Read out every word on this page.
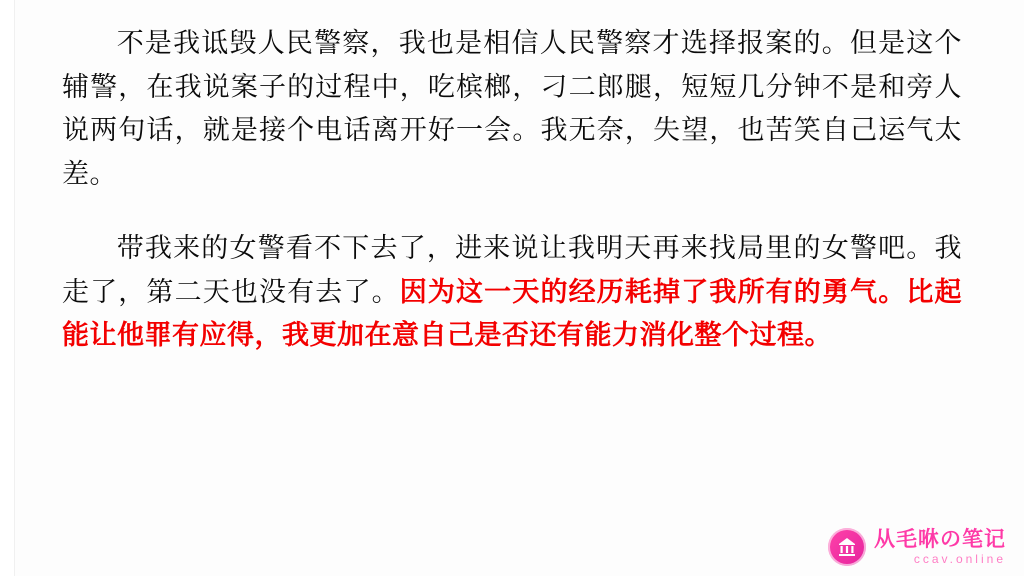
不是我诋毁人民警察，我也是相信人民警察才选择报案的。但是这个辅警，在我说案子的过程中，吃槟榔，刁二郎腿，短短几分钟不是和旁人说两句话，就是接个电话离开好一会。我无奈，失望，也苦笑自己运气太差。

带我来的女警看不下去了，进来说让我明天再来找局里的女警吧。我走了，第二天也没有去了。因为这一天的经历耗掉了我所有的勇气。比起能让他罪有应得，我更加在意自己是否还有能力消化整个过程。

从毛咻の笔记
ccav.online
